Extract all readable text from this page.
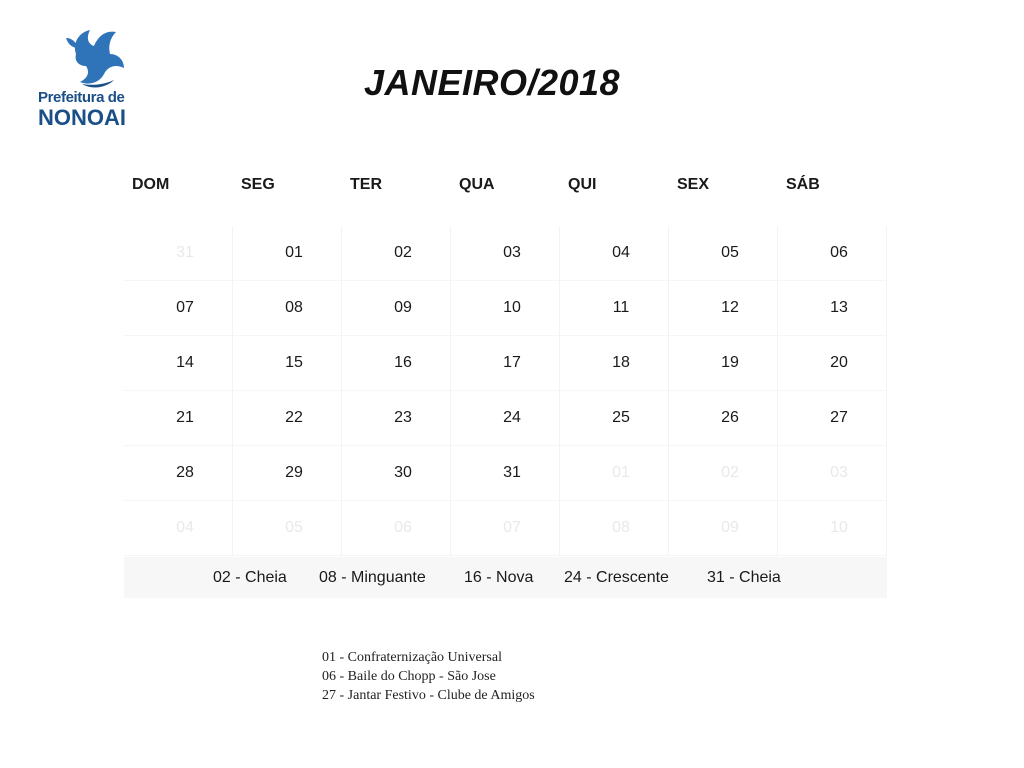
Prefeitura de
NONOAI
JANEIRO/2018
DOM	SEG	TER	QUA	QUI	SEX	SÁB
31	01	02	03	04	05	06
07	08	09	10	11	12	13
14	15	16	17	18	19	20
21	22	23	24	25	26	27
28	29	30	31	01	02	03
04	05	06	07	08	09	10
02 - Cheia 08 - Minguante 16 - Nova 24 - Crescente 31 - Cheia
01 - Confraternização Universal
06 - Baile do Chopp - São Jose
27 - Jantar Festivo - Clube de Amigos
